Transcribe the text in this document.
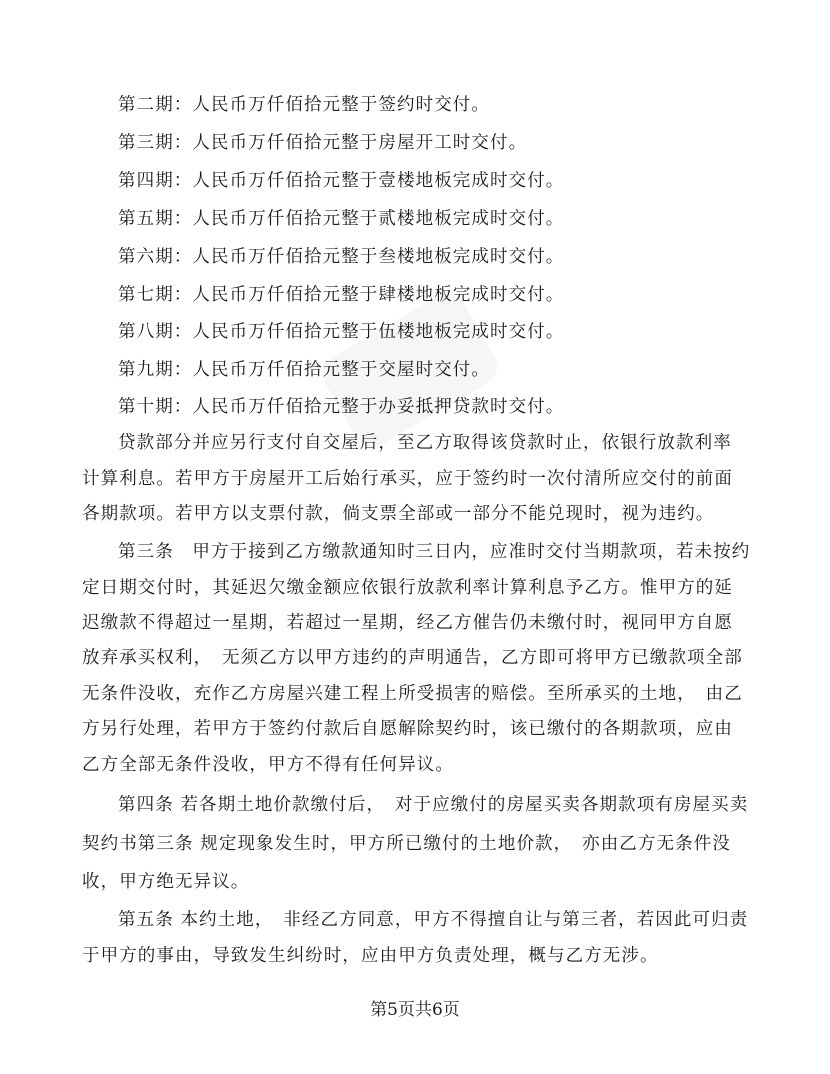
第二期：人民币万仟佰拾元整于签约时交付。
第三期：人民币万仟佰拾元整于房屋开工时交付。
第四期：人民币万仟佰拾元整于壹楼地板完成时交付。
第五期：人民币万仟佰拾元整于贰楼地板完成时交付。
第六期：人民币万仟佰拾元整于叁楼地板完成时交付。
第七期：人民币万仟佰拾元整于肆楼地板完成时交付。
第八期：人民币万仟佰拾元整于伍楼地板完成时交付。
第九期：人民币万仟佰拾元整于交屋时交付。
第十期：人民币万仟佰拾元整于办妥抵押贷款时交付。
贷款部分并应另行支付自交屋后，至乙方取得该贷款时止，依银行放款利率
计算利息。若甲方于房屋开工后始行承买，应于签约时一次付清所应交付的前面
各期款项。若甲方以支票付款，倘支票全部或一部分不能兑现时，视为违约。
第三条　甲方于接到乙方缴款通知时三日内，应准时交付当期款项，若未按约
定日期交付时，其延迟欠缴金额应依银行放款利率计算利息予乙方。惟甲方的延
迟缴款不得超过一星期，若超过一星期，经乙方催告仍未缴付时，视同甲方自愿
放弃承买权利，　无须乙方以甲方违约的声明通告，乙方即可将甲方已缴款项全部
无条件没收，充作乙方房屋兴建工程上所受损害的赔偿。至所承买的土地，　由乙
方另行处理，若甲方于签约付款后自愿解除契约时，该已缴付的各期款项，应由
乙方全部无条件没收，甲方不得有任何异议。
第四条 若各期土地价款缴付后，　对于应缴付的房屋买卖各期款项有房屋买卖
契约书第三条 规定现象发生时，甲方所已缴付的土地价款，　亦由乙方无条件没
收，甲方绝无异议。
第五条 本约土地，　非经乙方同意，甲方不得擅自让与第三者，若因此可归责
于甲方的事由，导致发生纠纷时，应由甲方负责处理，概与乙方无涉。
第5页共6页
